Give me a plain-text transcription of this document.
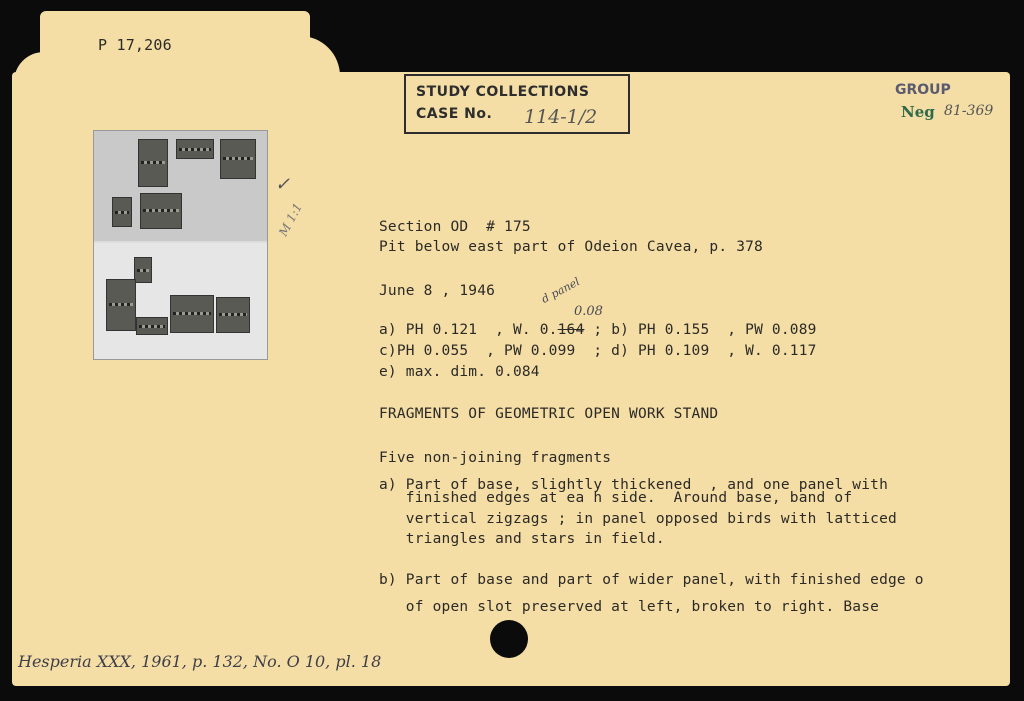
P 17,206
STUDY COLLECTIONS
CASE No. 114-1/2
GROUP
Neg 81-369
✓
M 1:1	Section OD  # 175
Pit below east part of Odeion Cavea, p. 378
June 8 , 1946	d panel
0.08
a) PH 0.121  , W. 0.164 ; b) PH 0.155  , PW 0.089
c)PH 0.055  , PW 0.099  ; d) PH 0.109  , W. 0.117
e) max. dim. 0.084
FRAGMENTS OF GEOMETRIC OPEN WORK STAND
Five non-joining fragments
a) Part of base, slightly thickened  , and one panel with
finished edges at ea h side.  Around base, band of
vertical zigzags ; in panel opposed birds with latticed
triangles and stars in field.
b) Part of base and part of wider panel, with finished edge o
of open slot preserved at left, broken to right. Base
Hesperia XXX, 1961, p. 132, No. O 10, pl. 18
